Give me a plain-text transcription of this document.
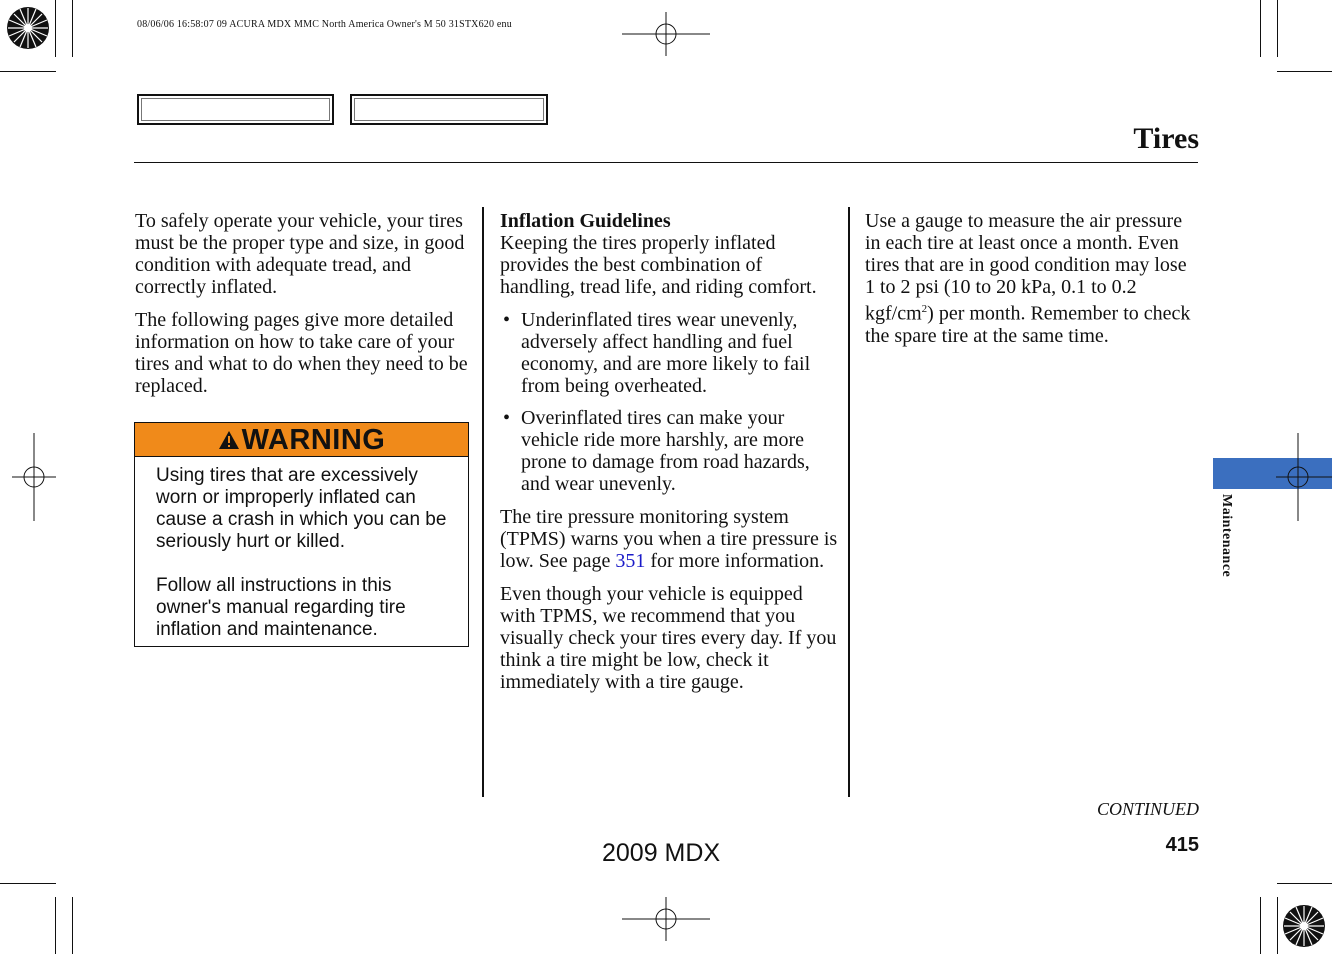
08/06/06 16:58:07 09 ACURA MDX MMC North America Owner's M 50 31STX620 enu
Tires

To safely operate your vehicle, your tires must be the proper type and size, in good condition with adequate tread, and correctly inflated.

The following pages give more detailed information on how to take care of your tires and what to do when they need to be replaced.

WARNING

Using tires that are excessively worn or improperly inflated can cause a crash in which you can be seriously hurt or killed.

Follow all instructions in this owner's manual regarding tire inflation and maintenance.

Inflation Guidelines

Keeping the tires properly inflated provides the best combination of handling, tread life, and riding comfort.

• Underinflated tires wear unevenly, adversely affect handling and fuel economy, and are more likely to fail from being overheated.
• Overinflated tires can make your vehicle ride more harshly, are more prone to damage from road hazards, and wear unevenly.

The tire pressure monitoring system (TPMS) warns you when a tire pressure is low. See page 351 for more information.

Even though your vehicle is equipped with TPMS, we recommend that you visually check your tires every day. If you think a tire might be low, check it immediately with a tire gauge.

Use a gauge to measure the air pressure in each tire at least once a month. Even tires that are in good condition may lose 1 to 2 psi (10 to 20 kPa, 0.1 to 0.2 kgf/$cm^2$) per month. Remember to check the spare tire at the same time.

Maintenance
CONTINUED
415
2009 MDX
